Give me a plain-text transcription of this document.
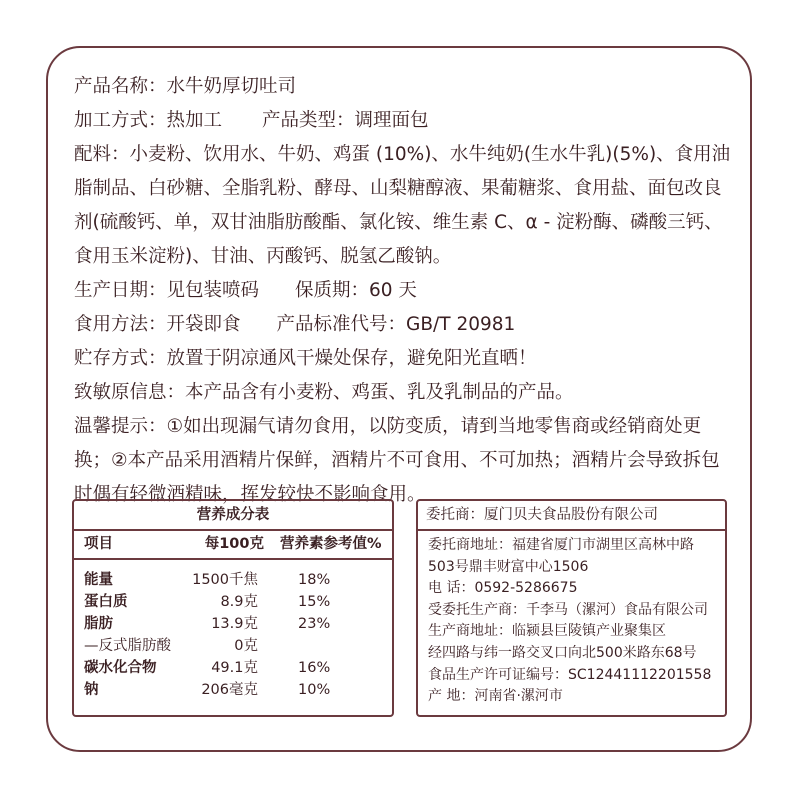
产品名称：水牛奶厚切吐司
加工方式：热加工 产品类型：调理面包
配料：小麦粉、饮用水、牛奶、鸡蛋 (10%)、水牛纯奶(生水牛乳)(5%)、食用油脂制品、白砂糖、全脂乳粉、酵母、山梨糖醇液、果葡糖浆、食用盐、面包改良剂(硫酸钙、单，双甘油脂肪酸酯、氯化铵、维生素 C、α - 淀粉酶、磷酸三钙、食用玉米淀粉)、甘油、丙酸钙、脱氢乙酸钠。
生产日期：见包装喷码 保质期：60 天
食用方法：开袋即食 产品标准代号：GB/T 20981
贮存方式：放置于阴凉通风干燥处保存，避免阳光直晒！
致敏原信息：本产品含有小麦粉、鸡蛋、乳及乳制品的产品。
温馨提示：①如出现漏气请勿食用，以防变质，请到当地零售商或经销商处更换；②本产品采用酒精片保鲜，酒精片不可食用、不可加热；酒精片会导致拆包时偶有轻微酒精味，挥发较快不影响食用。
营养成分表
项目	每100克 营养素参考值%
能量	1500千焦	18%
蛋白质	8.9克	15%
脂肪	13.9克	23%
—反式脂肪酸	0克
碳水化合物	49.1克	16%
钠	206毫克	10%
委托商：厦门贝夫食品股份有限公司
委托商地址：福建省厦门市湖里区高林中路
503号鼎丰财富中心1506
电 话：0592-5286675
受委托生产商：千李马（漯河）食品有限公司
生产商地址：临颍县巨陵镇产业聚集区
经四路与纬一路交叉口向北500米路东68号
食品生产许可证编号：SC12441112201558
产 地：河南省·漯河市
